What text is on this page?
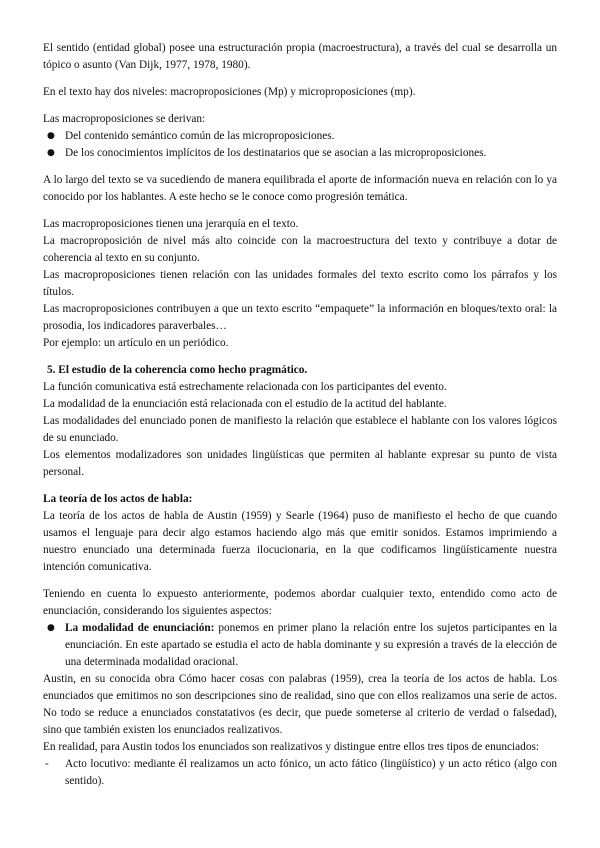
El sentido (entidad global) posee una estructuración propia (macroestructura), a través del cual se desarrolla un tópico o asunto (Van Dijk, 1977, 1978, 1980).

En el texto hay dos niveles: macroproposiciones (Mp) y microproposiciones (mp).

Las macroproposiciones se derivan:

● Del contenido semántico común de las microproposiciones.
● De los conocimientos implícitos de los destinatarios que se asocian a las microproposiciones.

A lo largo del texto se va sucediendo de manera equilibrada el aporte de información nueva en relación con lo ya conocido por los hablantes. A este hecho se le conoce como progresión temática.

Las macroproposiciones tienen una jerarquía en el texto.

La macroproposición de nivel más alto coincide con la macroestructura del texto y contribuye a dotar de coherencia al texto en su conjunto.

Las macroproposiciones tienen relación con las unidades formales del texto escrito como los párrafos y los títulos.

Las macroproposiciones contribuyen a que un texto escrito “empaquete” la información en bloques/texto oral: la prosodia, los indicadores paraverbales…

Por ejemplo: un artículo en un periódico.

5. El estudio de la coherencia como hecho pragmático.

La función comunicativa está estrechamente relacionada con los participantes del evento.

La modalidad de la enunciación está relacionada con el estudio de la actitud del hablante.

Las modalidades del enunciado ponen de manifiesto la relación que establece el hablante con los valores lógicos de su enunciado.

Los elementos modalizadores son unidades lingüísticas que permiten al hablante expresar su punto de vista personal.

La teoría de los actos de habla:

La teoría de los actos de habla de Austin (1959) y Searle (1964) puso de manifiesto el hecho de que cuando usamos el lenguaje para decir algo estamos haciendo algo más que emitir sonidos. Estamos imprimiendo a nuestro enunciado una determinada fuerza ilocucionaria, en la que codificamos lingüísticamente nuestra intención comunicativa.

Teniendo en cuenta lo expuesto anteriormente, podemos abordar cualquier texto, entendido como acto de enunciación, considerando los siguientes aspectos:

● La modalidad de enunciación: ponemos en primer plano la relación entre los sujetos participantes en la enunciación. En este apartado se estudia el acto de habla dominante y su expresión a través de la elección de una determinada modalidad oracional.

Austin, en su conocida obra Cómo hacer cosas con palabras (1959), crea la teoría de los actos de habla. Los enunciados que emitimos no son descripciones sino de realidad, sino que con ellos realizamos una serie de actos. No todo se reduce a enunciados constatativos (es decir, que puede someterse al criterio de verdad o falsedad), sino que también existen los enunciados realizativos.

En realidad, para Austin todos los enunciados son realizativos y distingue entre ellos tres tipos de enunciados:

- Acto locutivo: mediante él realizamos un acto fónico, un acto fático (lingüístico) y un acto rético (algo con sentido).
